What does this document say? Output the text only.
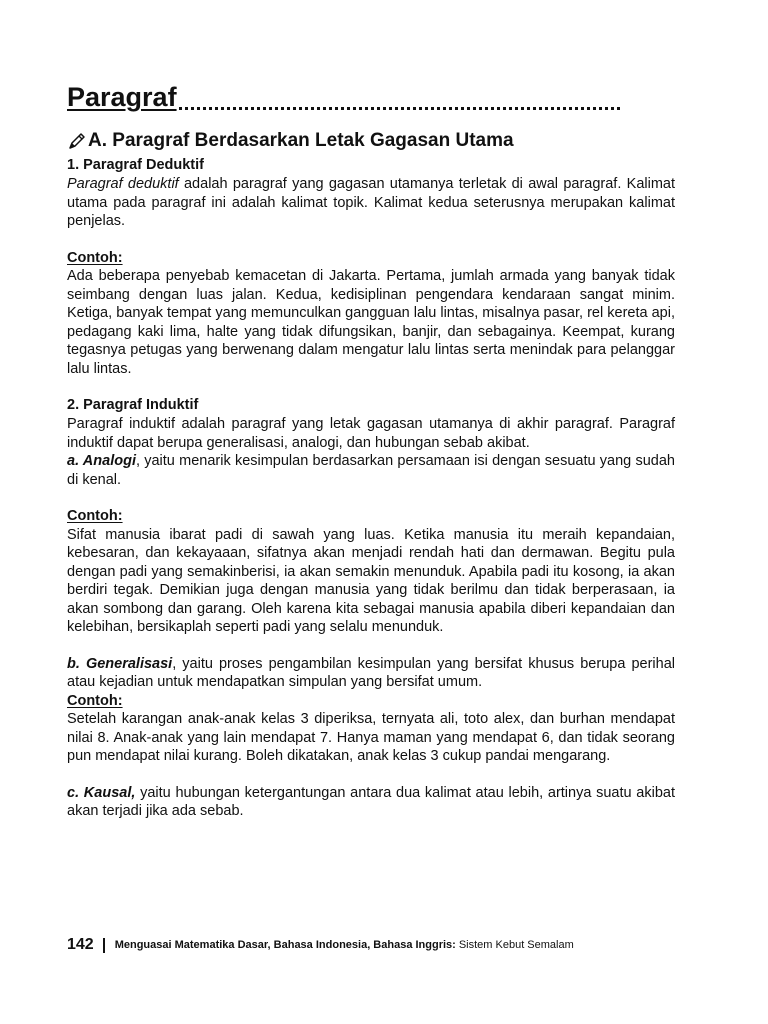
Paragraf
A. Paragraf Berdasarkan Letak Gagasan Utama
1. Paragraf Deduktif

Paragraf deduktif adalah paragraf yang gagasan utamanya terletak di awal paragraf. Kalimat utama pada paragraf ini adalah kalimat topik. Kalimat kedua seterusnya merupakan kalimat penjelas.

Contoh:

Ada beberapa penyebab kemacetan di Jakarta. Pertama, jumlah armada yang banyak tidak seimbang dengan luas jalan. Kedua, kedisiplinan pengendara kendaraan sangat minim. Ketiga, banyak tempat yang memunculkan gangguan lalu lintas, misalnya pasar, rel kereta api, pedagang kaki lima, halte yang tidak difungsikan, banjir, dan sebagainya. Keempat, kurang tegasnya petugas yang berwenang dalam mengatur lalu lintas serta menindak para pelanggar lalu lintas.

2. Paragraf Induktif

Paragraf induktif adalah paragraf yang letak gagasan utamanya di akhir paragraf. Paragraf induktif dapat berupa generalisasi, analogi, dan hubungan sebab akibat.

a. Analogi, yaitu menarik kesimpulan berdasarkan persamaan isi dengan sesuatu yang sudah di kenal.

Contoh:

Sifat manusia ibarat padi di sawah yang luas. Ketika manusia itu meraih kepandaian, kebesaran, dan kekayaaan, sifatnya akan menjadi rendah hati dan dermawan. Begitu pula dengan padi yang semakinberisi, ia akan semakin menunduk. Apabila padi itu kosong, ia akan berdiri tegak. Demikian juga dengan manusia yang tidak berilmu dan tidak berperasaan, ia akan sombong dan garang. Oleh karena kita sebagai manusia apabila diberi kepandaian dan kelebihan, bersikaplah seperti padi yang selalu menunduk.

b. Generalisasi, yaitu proses pengambilan kesimpulan yang bersifat khusus berupa perihal atau kejadian untuk mendapatkan simpulan yang bersifat umum.

Contoh:

Setelah karangan anak-anak kelas 3 diperiksa, ternyata ali, toto alex, dan burhan mendapat nilai 8. Anak-anak yang lain mendapat 7. Hanya maman yang mendapat 6, dan tidak seorang pun mendapat nilai kurang. Boleh dikatakan, anak kelas 3 cukup pandai mengarang.

c. Kausal, yaitu hubungan ketergantungan antara dua kalimat atau lebih, artinya suatu akibat akan terjadi jika ada sebab.

142 Menguasai Matematika Dasar, Bahasa Indonesia, Bahasa Inggris: Sistem Kebut Semalam
